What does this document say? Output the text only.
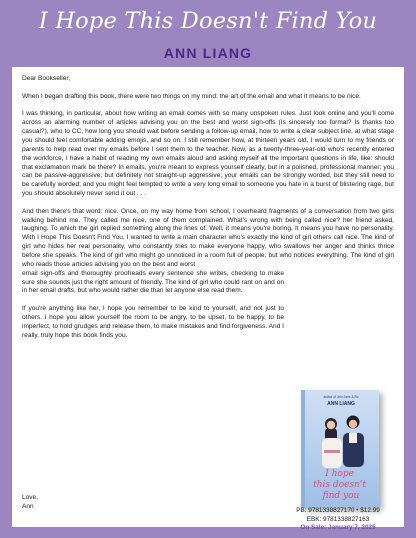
I Hope This Doesn't Find You
ANN LIANG

Dear Bookseller,

When I began drafting this book, there were two things on my mind: the art of the email and what it means to be nice.

I was thinking, in particular, about how writing an email comes with so many unspoken rules. Just look online and you'll come across an alarming number of articles advising you on the best and worst sign-offs (Is sincerely too formal? Is thanks too casual?), who to CC, how long you should wait before sending a follow-up email, how to write a clear subject line, at what stage you should feel comfortable adding emojis, and so on. I still remember how, at thirteen years old, I would turn to my friends or parents to help read over my emails before I sent them to the teacher. Now, as a twenty-three-year-old who's recently entered the workforce, I have a habit of reading my own emails aloud and asking myself all the important questions in life, like: should that exclamation mark be there? In emails, you're meant to express yourself clearly, but in a polished, professional manner; you can be passive-aggressive, but definitely not straight-up aggressive; your emails can be strongly worded, but they still need to be carefully worded; and you might feel tempted to write a very long email to someone you hate in a burst of blistering rage, but you should absolutely never send it out . . .

And then there's that word: nice. Once, on my way home from school, I overheard fragments of a conversation from two girls walking behind me. They called me nice, one of them complained. What's wrong with being called nice? her friend asked, laughing. To which the girl replied something along the lines of: Well, it means you're boring. It means you have no personality. With I Hope This Doesn't Find You, I wanted to write a main character who's exactly the kind of girl others call nice. The kind of girl who hides her real personality, who constantly tries to make everyone happy, who swallows her anger and thinks thrice before she speaks. The kind of girl who might go unnoticed in a room full of people, but who notices everything. The kind of girl who reads those articles advising you on the best and worst

email sign-offs and thoroughly proofreads every sentence she writes, checking to make sure she sounds just the right amount of friendly. The kind of girl who could rant on and on in her email drafts, but who would rather die than let anyone else read them.

If you're anything like her, I hope you remember to be kind to yourself, and not just to others. I hope you allow yourself the room to be angry, to be upset, to be happy, to be imperfect, to hold grudges and release them, to make mistakes and find forgiveness. And I really, truly hope this book finds you.

Love,
Ann
author of Join Jane & Ro
ANN LIANG
I hope this doesn't find you
PB: 9781338827170 • $12.99
EBK: 9781338827163
On Sale: January 7, 2025
